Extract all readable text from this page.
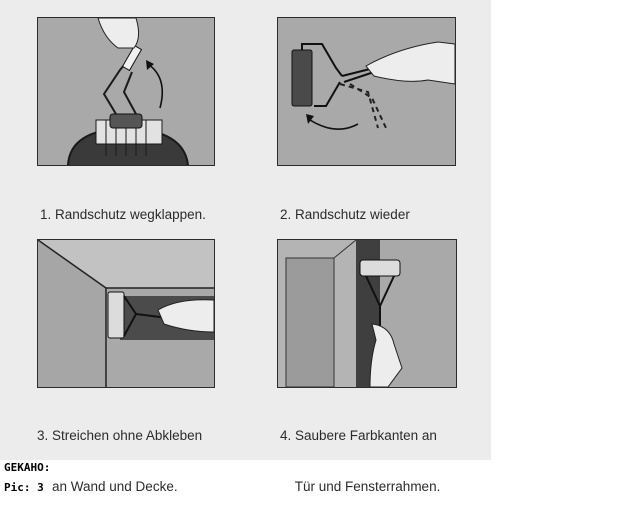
1. Randschutz wegklappen.

	2. Randschutz wieder

3. Streichen ohne Abkleben

an Wand und Decke.

4. Saubere Farbkanten an

Tür und Fensterrahmen.

GEKAHO:
Pic: 3
